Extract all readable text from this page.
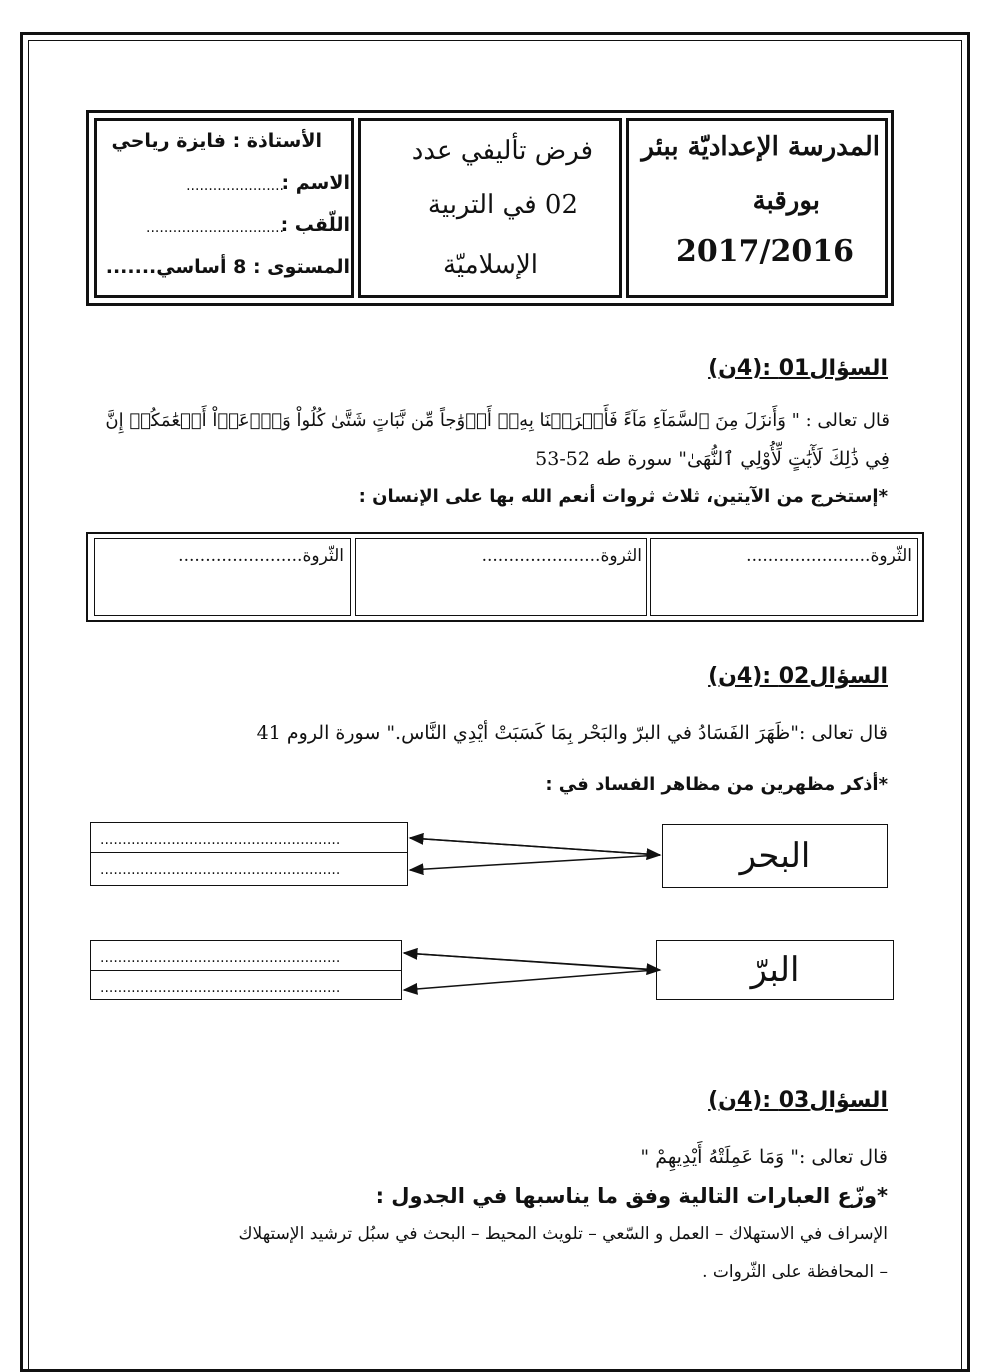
المدرسة الإعداديّة ببئر
بورقبة
2017/2016
فرض تأليفي عدد
02 في التربية
الإسلاميّة
الأستاذة : فايزة رياحي
الاسم :
......................
اللّقب :
...............................
المستوى : 8 أساسي.......
السؤال01 :(4ن)
قال تعالى : " وَأَنزَلَ مِنَ ٱلسَّمَآءِ مَآءً فَأَخۡرَجۡنَا بِهِۦٓ أَزۡوَٰجاً مِّن نَّبَاتٍ شَتَّىٰ كُلُواْ وَٱرۡعَوۡاْ أَنۡعَٰمَكُمۡ إِنَّ
فِي ذَٰلِكَ لَأٓيَٰتٍ لِّأُوْلِي ٱلنُّهَىٰ" سورة طه 52-53
*إستخرج من الآيتين، ثلاث ثروات أنعم الله بها على الإنسان :
الثّروة.......................
الثروة......................
الثّروة.......................
السؤال02 :(4ن)
قال تعالى :"ظَهَرَ الفَسَادُ في البرّ والبَحْر بِمَا كَسَبَتْ أيْدِي النَّاس." سورة الروم 41
*أذكر مظهرين من مظاهر الفساد في :
البحر
البرّ
......................................................
......................................................
......................................................
......................................................
السؤال03 :(4ن)
قال تعالى :" وَمَا عَمِلَتْهُ أَيْدِيهِمْ "
*وزّع العبارات التالية وفق ما يناسبها في الجدول :
الإسراف في الاستهلاك – العمل و السّعي – تلويث المحيط – البحث في سبُل ترشيد الإستهلاك
– المحافظة على الثّروات .
